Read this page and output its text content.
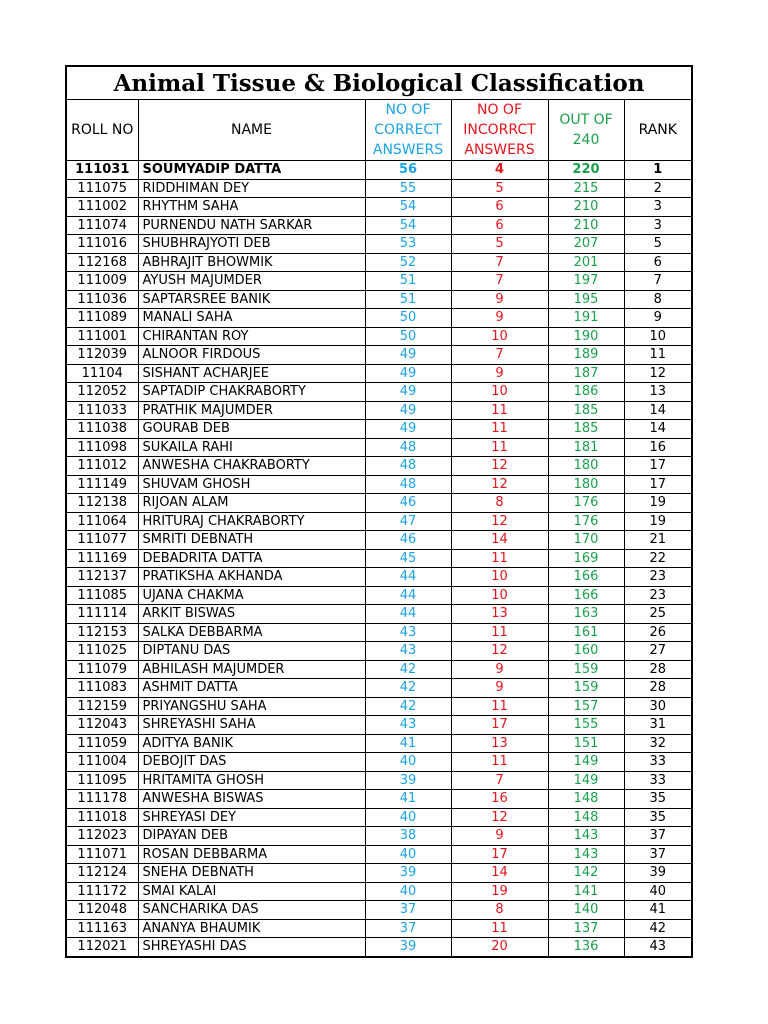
Animal Tissue & Biological Classification					
ROLL NO	NAME	NO OF CORRECT ANSWERS	NO OF INCORRCT ANSWERS	OUT OF 240	RANK
111031	SOUMYADIP DATTA	56	4	220	1
111075	RIDDHIMAN DEY	55	5	215	2
111002	RHYTHM SAHA	54	6	210	3
111074	PURNENDU NATH SARKAR	54	6	210	3
111016	SHUBHRAJYOTI DEB	53	5	207	5
112168	ABHRAJIT BHOWMIK	52	7	201	6
111009	AYUSH MAJUMDER	51	7	197	7
111036	SAPTARSREE BANIK	51	9	195	8
111089	MANALI SAHA	50	9	191	9
111001	CHIRANTAN ROY	50	10	190	10
112039	ALNOOR FIRDOUS	49	7	189	11
11104	SISHANT ACHARJEE	49	9	187	12
112052	SAPTADIP CHAKRABORTY	49	10	186	13
111033	PRATHIK MAJUMDER	49	11	185	14
111038	GOURAB DEB	49	11	185	14
111098	SUKAILA RAHI	48	11	181	16
111012	ANWESHA CHAKRABORTY	48	12	180	17
111149	SHUVAM GHOSH	48	12	180	17
112138	RIJOAN ALAM	46	8	176	19
111064	HRITURAJ CHAKRABORTY	47	12	176	19
111077	SMRITI DEBNATH	46	14	170	21
111169	DEBADRITA DATTA	45	11	169	22
112137	PRATIKSHA AKHANDA	44	10	166	23
111085	UJANA CHAKMA	44	10	166	23
111114	ARKIT BISWAS	44	13	163	25
112153	SALKA DEBBARMA	43	11	161	26
111025	DIPTANU DAS	43	12	160	27
111079	ABHILASH MAJUMDER	42	9	159	28
111083	ASHMIT DATTA	42	9	159	28
112159	PRIYANGSHU SAHA	42	11	157	30
112043	SHREYASHI SAHA	43	17	155	31
111059	ADITYA BANIK	41	13	151	32
111004	DEBOJIT DAS	40	11	149	33
111095	HRITAMITA GHOSH	39	7	149	33
111178	ANWESHA BISWAS	41	16	148	35
111018	SHREYASI DEY	40	12	148	35
112023	DIPAYAN DEB	38	9	143	37
111071	ROSAN DEBBARMA	40	17	143	37
112124	SNEHA DEBNATH	39	14	142	39
111172	SMAI KALAI	40	19	141	40
112048	SANCHARIKA DAS	37	8	140	41
111163	ANANYA BHAUMIK	37	11	137	42
112021	SHREYASHI DAS	39	20	136	43
